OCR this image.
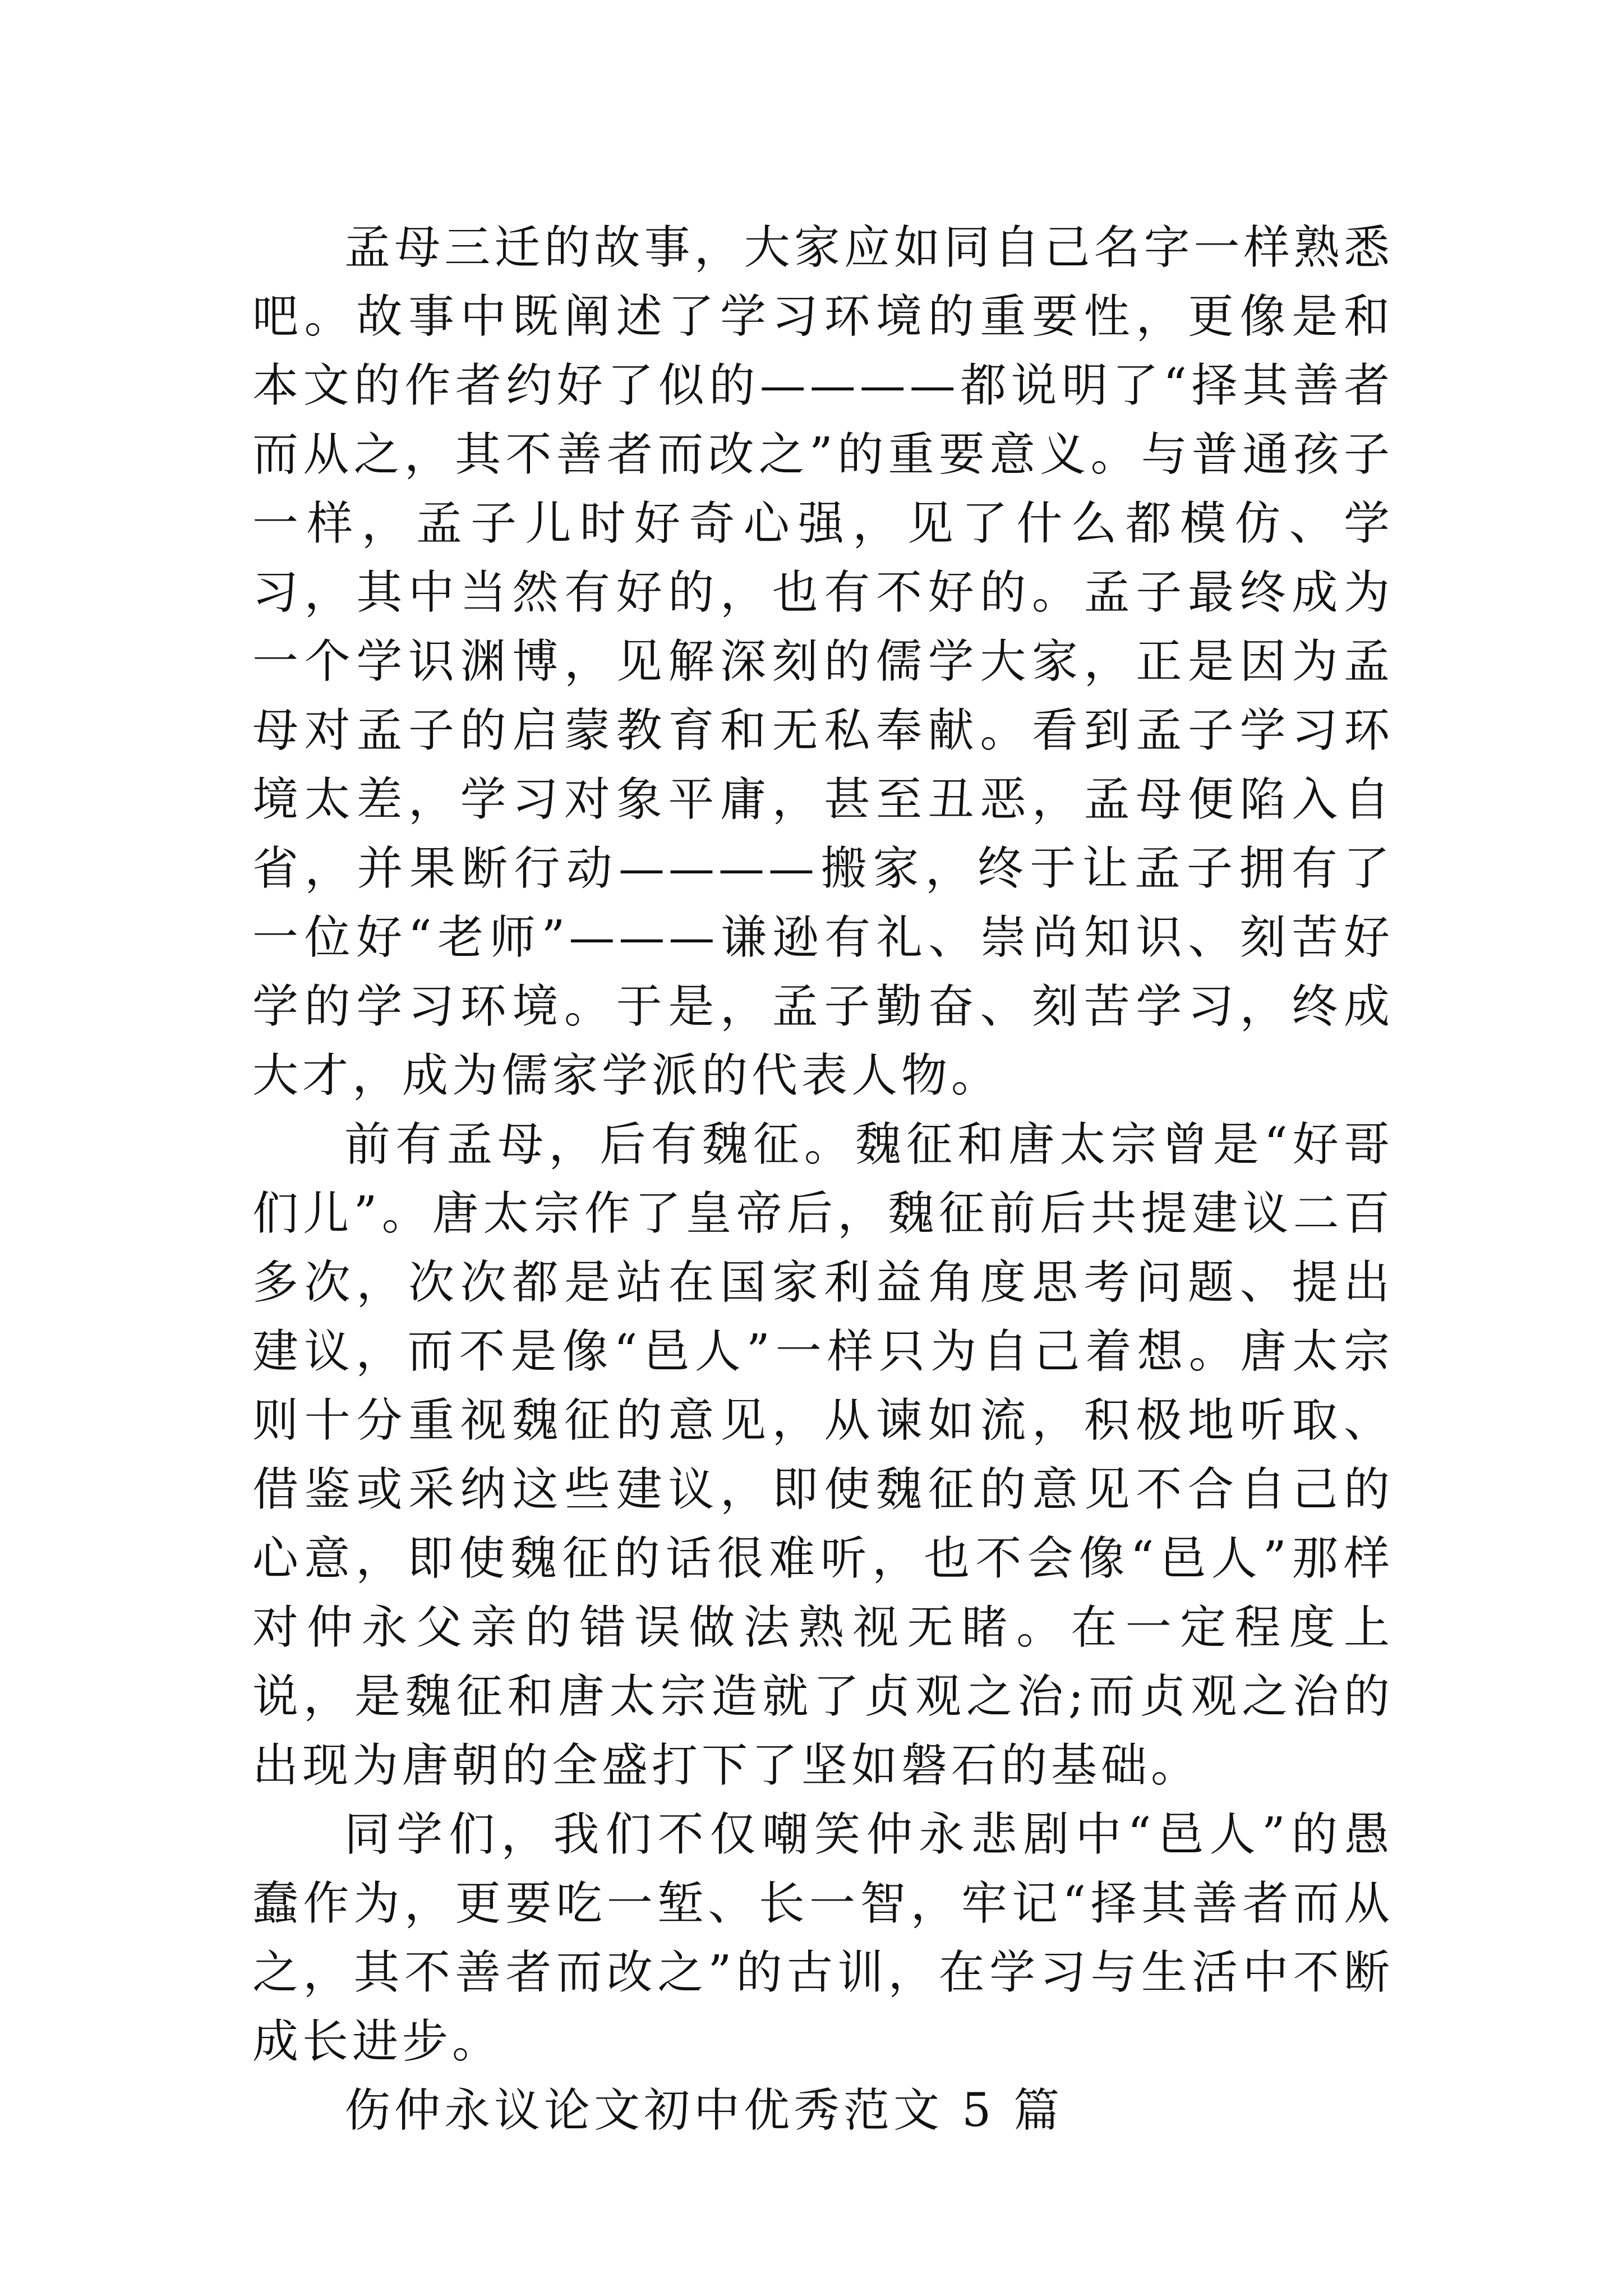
孟母三迁的故事，大家应如同自己名字一样熟悉吧。故事中既阐述了学习环境的重要性，更像是和本文的作者约好了似的————都说明了“择其善者而从之，其不善者而改之”的重要意义。与普通孩子一样，孟子儿时好奇心强，见了什么都模仿、学习，其中当然有好的，也有不好的。孟子最终成为一个学识渊博，见解深刻的儒学大家，正是因为孟母对孟子的启蒙教育和无私奉献。看到孟子学习环境太差，学习对象平庸，甚至丑恶，孟母便陷入自省，并果断行动————搬家，终于让孟子拥有了一位好“老师”———谦逊有礼、崇尚知识、刻苦好学的学习环境。于是，孟子勤奋、刻苦学习，终成大才，成为儒家学派的代表人物。

前有孟母，后有魏征。魏征和唐太宗曾是“好哥们儿”。唐太宗作了皇帝后，魏征前后共提建议二百多次，次次都是站在国家利益角度思考问题、提出建议，而不是像“邑人”一样只为自己着想。唐太宗则十分重视魏征的意见，从谏如流，积极地听取、借鉴或采纳这些建议，即使魏征的意见不合自己的心意，即使魏征的话很难听，也不会像“邑人”那样对仲永父亲的错误做法熟视无睹。在一定程度上说，是魏征和唐太宗造就了贞观之治;而贞观之治的出现为唐朝的全盛打下了坚如磐石的基础。

同学们，我们不仅嘲笑仲永悲剧中“邑人”的愚蠢作为，更要吃一堑、长一智，牢记“择其善者而从之，其不善者而改之”的古训，在学习与生活中不断成长进步。

伤仲永议论文初中优秀范文 5 篇
